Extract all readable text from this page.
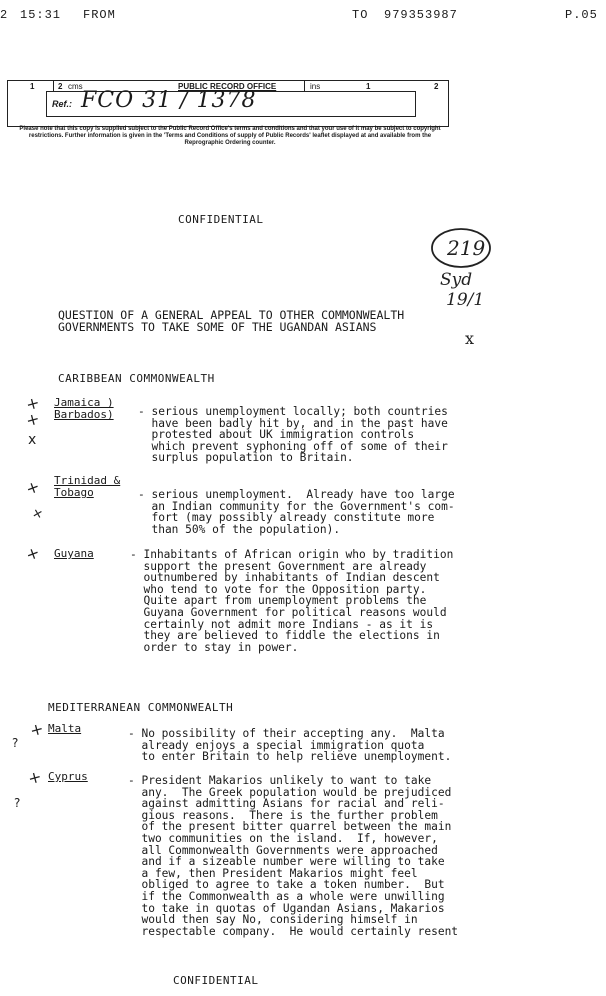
2 15:31 FROM	TO 979353987	P.05
1	2 cms	PUBLIC RECORD OFFICE	ins	1	2
Ref.: FCO 31 / 1378
Please note that this copy is supplied subject to the Public Record Office's terms and conditions and that your use of it may be subject to copyright restrictions. Further information is given in the 'Terms and Conditions of supply of Public Records' leaflet displayed at and available from the Reprographic Ordering counter.
CONFIDENTIAL
219
Syd
19/1
QUESTION OF A GENERAL APPEAL TO OTHER COMMONWEALTH
GOVERNMENTS TO TAKE SOME OF THE UGANDAN ASIANS
x
CARIBBEAN COMMONWEALTH
Jamaica )
Barbados) - serious unemployment locally; both countries
have been badly hit by, and in the past have
protested about UK immigration controls
which prevent syphoning off of some of their
surplus population to Britain.
Trinidad &
Tobago	- serious unemployment.  Already have too large
an Indian community for the Government's com-
fort (may possibly already constitute more
than 50% of the population).
Guyana	- Inhabitants of African origin who by tradition
support the present Government are already
outnumbered by inhabitants of Indian descent
who tend to vote for the Opposition party.
Quite apart from unemployment problems the
Guyana Government for political reasons would
certainly not admit more Indians - as it is
they are believed to fiddle the elections in
order to stay in power.
MEDITERRANEAN COMMONWEALTH
Malta	- No possibility of their accepting any.  Malta
already enjoys a special immigration quota
to enter Britain to help relieve unemployment.
Cyprus	- President Makarios unlikely to want to take
any.  The Greek population would be prejudiced
against admitting Asians for racial and reli-
gious reasons.  There is the further problem
of the present bitter quarrel between the main
two communities on the island.  If, however,
all Commonwealth Governments were approached
and if a sizeable number were willing to take
a few, then President Makarios might feel
obliged to agree to take a token number.  But
if the Commonwealth as a whole were unwilling
to take in quotas of Ugandan Asians, Makarios
would then say No, considering himself in
respectable company.  He would certainly resent
+
+
x
+
+
+
+
?
+
?
CONFIDENTIAL
